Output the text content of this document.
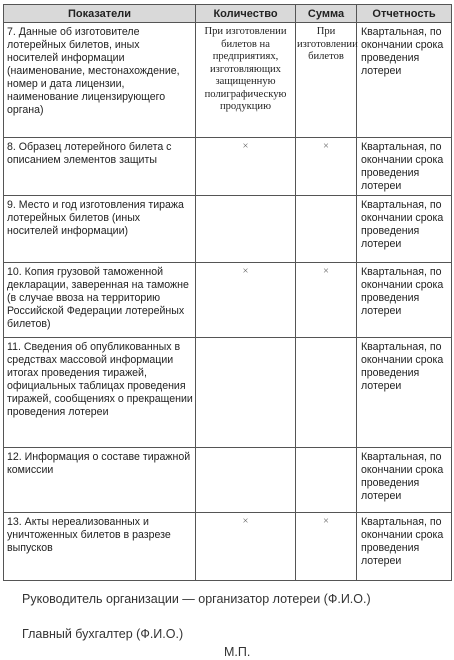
Показатели	Количество	Сумма	Отчетность
7. Данные об изготовителе лотерейных билетов, иных носителей информации (наименование, местонахождение, номер и дата лицензии, наименование лицензирующего органа)	При изготовлении билетов на предприятиях, изготовляющих защищенную полиграфическую продукцию	При изготовлении билетов	Квартальная, по окончании срока проведения лотереи
8. Образец лотерейного билета с описанием элементов защиты	×	×	Квартальная, по окончании срока проведения лотереи
9. Место и год изготовления тиража лотерейных билетов (иных носителей информации)			Квартальная, по окончании срока проведения лотереи
10. Копия грузовой таможенной декларации, заверенная на таможне (в случае ввоза на территорию Российской Федерации лотерейных билетов)	×	×	Квартальная, по окончании срока проведения лотереи
11. Сведения об опубликованных в средствах массовой информации итогах проведения тиражей, официальных таблицах проведения тиражей, сообщениях о прекращении проведения лотереи			Квартальная, по окончании срока проведения лотереи
12. Информация о составе тиражной комиссии			Квартальная, по окончании срока проведения лотереи
13. Акты нереализованных и уничтоженных билетов в разрезе выпусков	×	×	Квартальная, по окончании срока проведения лотереи
Руководитель организации — организатор лотереи (Ф.И.О.)
Главный бухгалтер (Ф.И.О.)
М.П.
